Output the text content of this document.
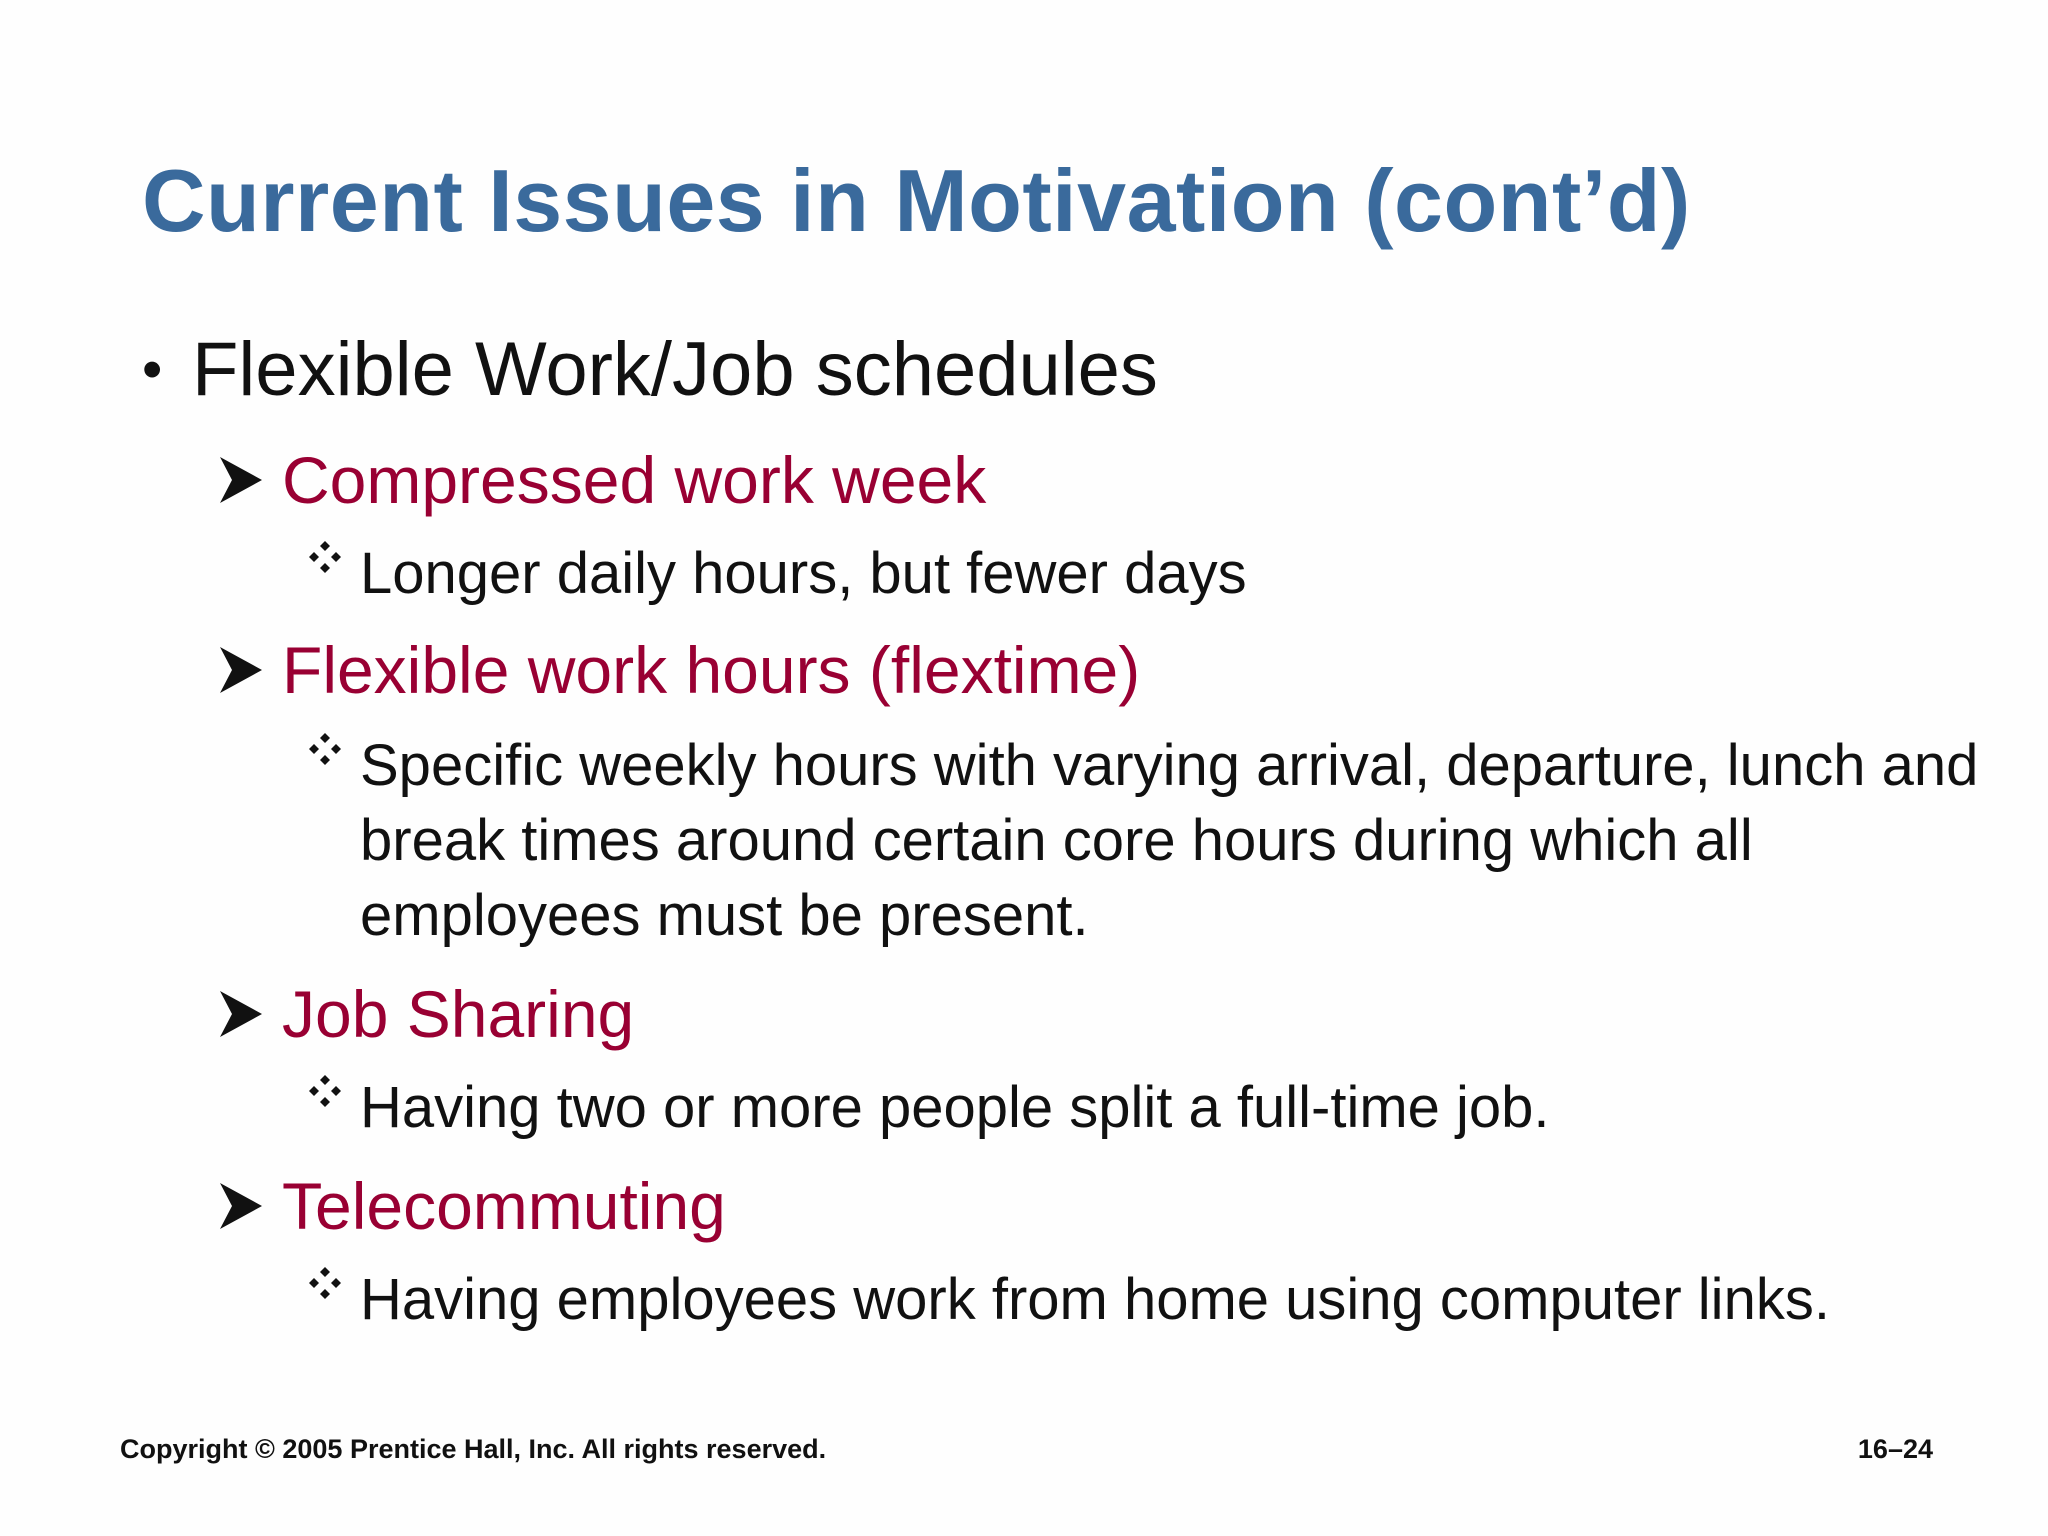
Current Issues in Motivation (cont’d)
• Flexible Work/Job schedules
Compressed work week
Longer daily hours, but fewer days
Flexible work hours (flextime)
Specific weekly hours with varying arrival, departure, lunch and break times around certain core hours during which all employees must be present.
Job Sharing
Having two or more people split a full-time job.
Telecommuting
Having employees work from home using computer links.
Copyright © 2005 Prentice Hall, Inc. All rights reserved.	16–24
